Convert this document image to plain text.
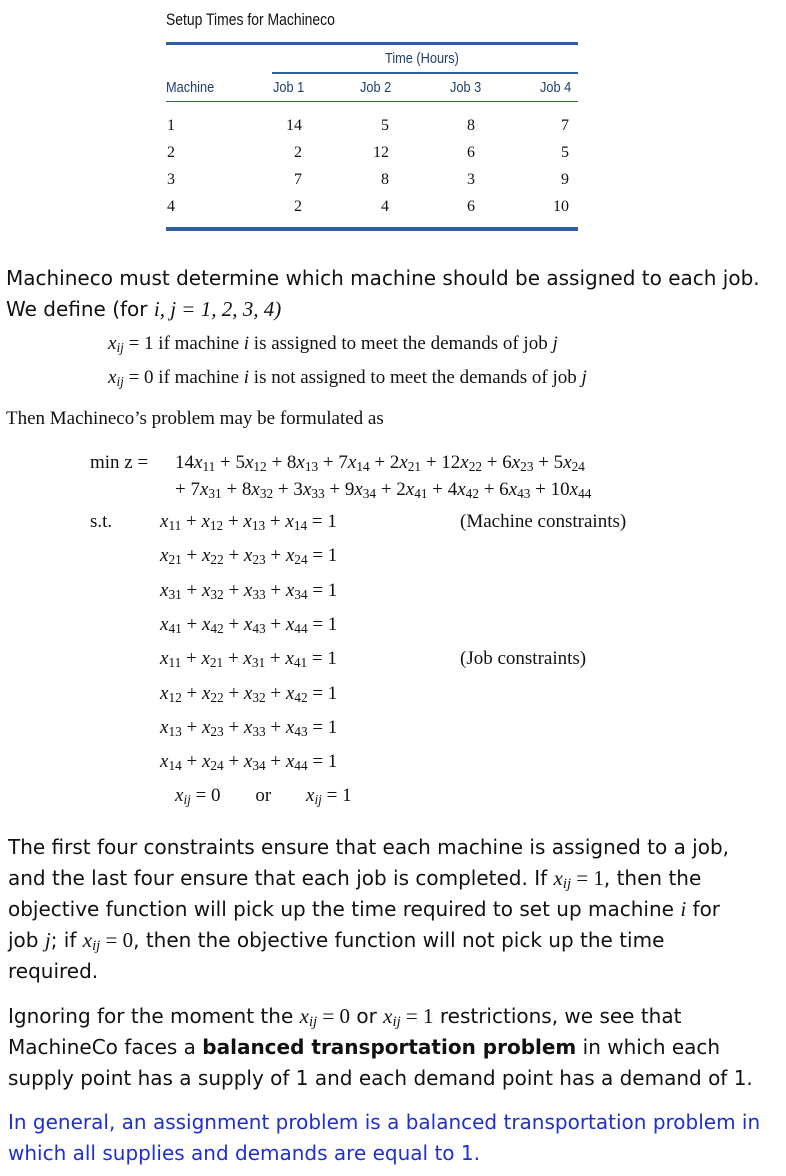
Setup Times for Machineco
Time (Hours)
Machine	Job 1	Job 2	Job 3	Job 4
1	14	5	8	7
2	2	12	6	5
3	7	8	3	9
4	2	4	6	10
Machineco must determine which machine should be assigned to each job.
We define (for i, j = 1, 2, 3, 4)
$x_{ij} = 1$ if machine i is assigned to meet the demands of job j
$x_{ij} = 0$ if machine i is not assigned to meet the demands of job j
Then Machineco’s problem may be formulated as
$\min z = 14x_{11} + 5x_{12} + 8x_{13} + 7x_{14} + 2x_{21} + 12x_{22} + 6x_{23} + 5x_{24}$
+ $7x_{31} + 8x_{32} + 3x_{33} + 9x_{34} + 2x_{41} + 4x_{42} + 6x_{43} + 10x_{44}$
s.t.	$x_{11} + x_{12} + x_{13} + x_{14} = 1$	(Machine constraints)
$x_{21} + x_{22} + x_{23} + x_{24} = 1$
$x_{31} + x_{32} + x_{33} + x_{34} = 1$
$x_{41} + x_{42} + x_{43} + x_{44} = 1$
$x_{11} + x_{21} + x_{31} + x_{41} = 1$	(Job constraints)
$x_{12} + x_{22} + x_{32} + x_{42} = 1$
$x_{13} + x_{23} + x_{33} + x_{43} = 1$
$x_{14} + x_{24} + x_{34} + x_{44} = 1$
$x_{ij} = 0$ or $x_{ij} = 1$
The first four constraints ensure that each machine is assigned to a job,
and the last four ensure that each job is completed. If $x_{ij} = 1$, then the
objective function will pick up the time required to set up machine i for
job j; if $x_{ij} = 0$, then the objective function will not pick up the time
required.
Ignoring for the moment the $x_{ij} = 0$ or $x_{ij} = 1$ restrictions, we see that
MachineCo faces a balanced transportation problem in which each
supply point has a supply of 1 and each demand point has a demand of 1.
In general, an assignment problem is a balanced transportation problem in
which all supplies and demands are equal to 1.
